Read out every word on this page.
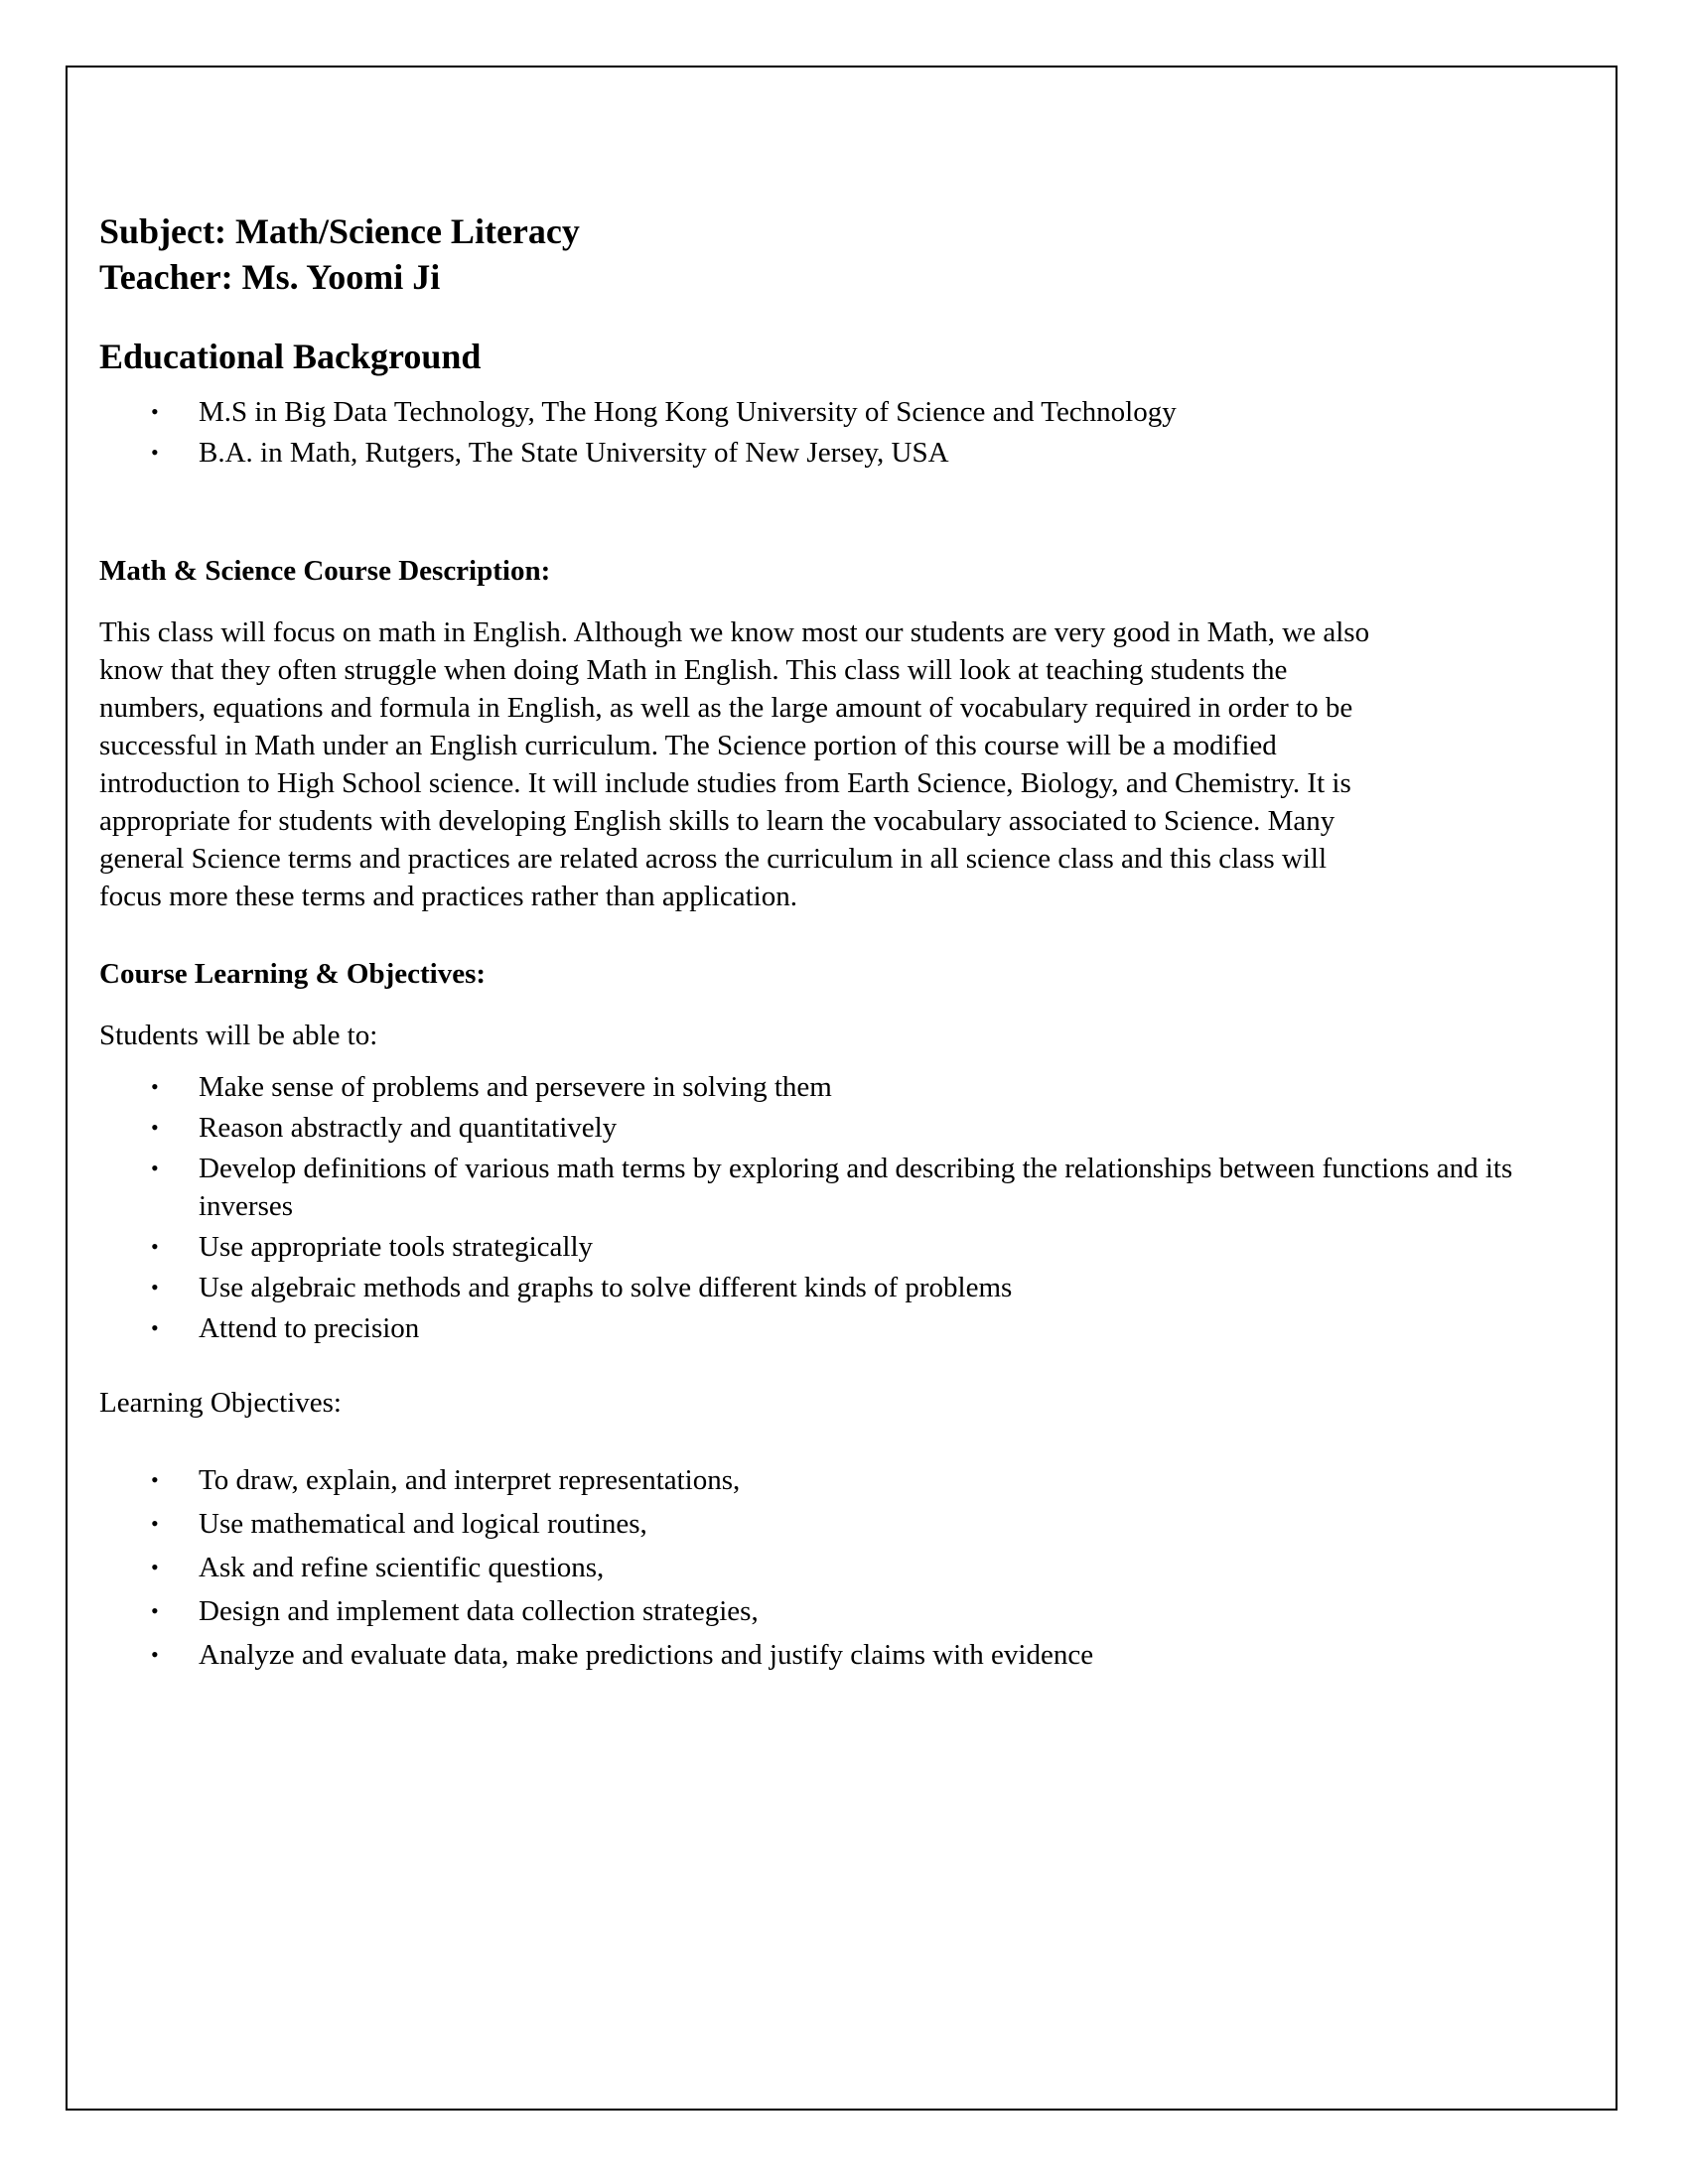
Subject: Math/Science Literacy

Teacher: Ms. Yoomi Ji

Educational Background
• M.S in Big Data Technology, The Hong Kong University of Science and Technology
• B.A. in Math, Rutgers, The State University of New Jersey, USA

Math & Science Course Description:

This class will focus on math in English. Although we know most our students are very good in Math, we also
know that they often struggle when doing Math in English. This class will look at teaching students the
numbers, equations and formula in English, as well as the large amount of vocabulary required in order to be
successful in Math under an English curriculum. The Science portion of this course will be a modified
introduction to High School science. It will include studies from Earth Science, Biology, and Chemistry. It is
appropriate for students with developing English skills to learn the vocabulary associated to Science. Many
general Science terms and practices are related across the curriculum in all science class and this class will
focus more these terms and practices rather than application.

Course Learning & Objectives:

Students will be able to:

• Make sense of problems and persevere in solving them
• Reason abstractly and quantitatively
• Develop definitions of various math terms by exploring and describing the relationships between functions and its inverses
• Use appropriate tools strategically
• Use algebraic methods and graphs to solve different kinds of problems
• Attend to precision

Learning Objectives:

• To draw, explain, and interpret representations,
• Use mathematical and logical routines,
• Ask and refine scientific questions,
• Design and implement data collection strategies,
• Analyze and evaluate data, make predictions and justify claims with evidence
